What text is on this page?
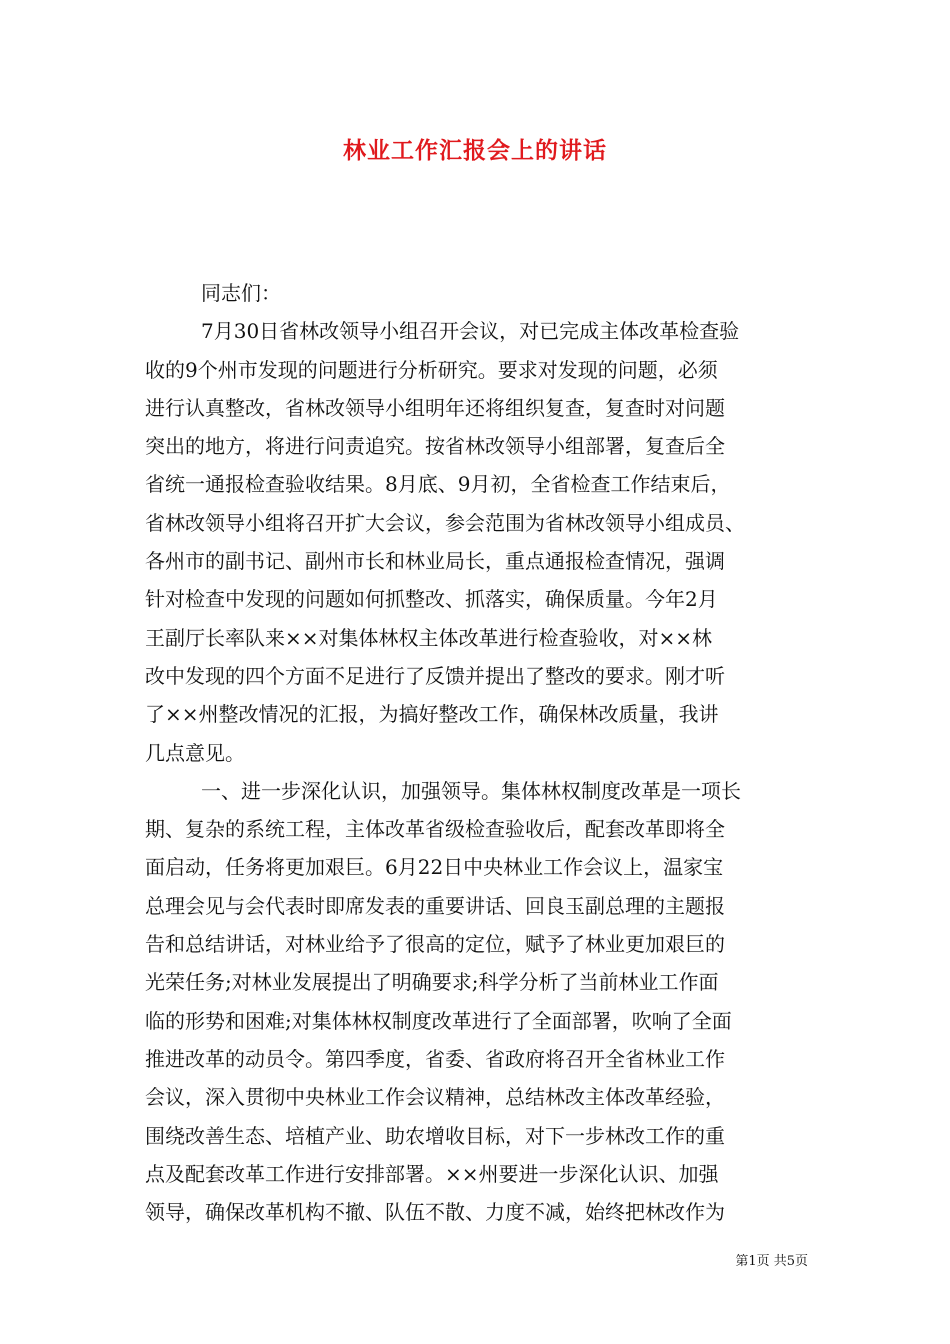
林业工作汇报会上的讲话
同志们：
7月30日省林改领导小组召开会议，对已完成主体改革检查验
收的9个州市发现的问题进行分析研究。要求对发现的问题，必须
进行认真整改，省林改领导小组明年还将组织复查，复查时对问题
突出的地方，将进行问责追究。按省林改领导小组部署，复查后全
省统一通报检查验收结果。8月底、9月初，全省检查工作结束后，
省林改领导小组将召开扩大会议，参会范围为省林改领导小组成员、
各州市的副书记、副州市长和林业局长，重点通报检查情况，强调
针对检查中发现的问题如何抓整改、抓落实，确保质量。今年2月
王副厅长率队来××对集体林权主体改革进行检查验收，对××林
改中发现的四个方面不足进行了反馈并提出了整改的要求。刚才听
了××州整改情况的汇报，为搞好整改工作，确保林改质量，我讲
几点意见。
一、进一步深化认识，加强领导。集体林权制度改革是一项长
期、复杂的系统工程，主体改革省级检查验收后，配套改革即将全
面启动，任务将更加艰巨。6月22日中央林业工作会议上，温家宝
总理会见与会代表时即席发表的重要讲话、回良玉副总理的主题报
告和总结讲话，对林业给予了很高的定位，赋予了林业更加艰巨的
光荣任务;对林业发展提出了明确要求;科学分析了当前林业工作面
临的形势和困难;对集体林权制度改革进行了全面部署，吹响了全面
推进改革的动员令。第四季度，省委、省政府将召开全省林业工作
会议，深入贯彻中央林业工作会议精神，总结林改主体改革经验，
围绕改善生态、培植产业、助农增收目标，对下一步林改工作的重
点及配套改革工作进行安排部署。××州要进一步深化认识、加强
领导，确保改革机构不撤、队伍不散、力度不减，始终把林改作为
第1页 共5页
